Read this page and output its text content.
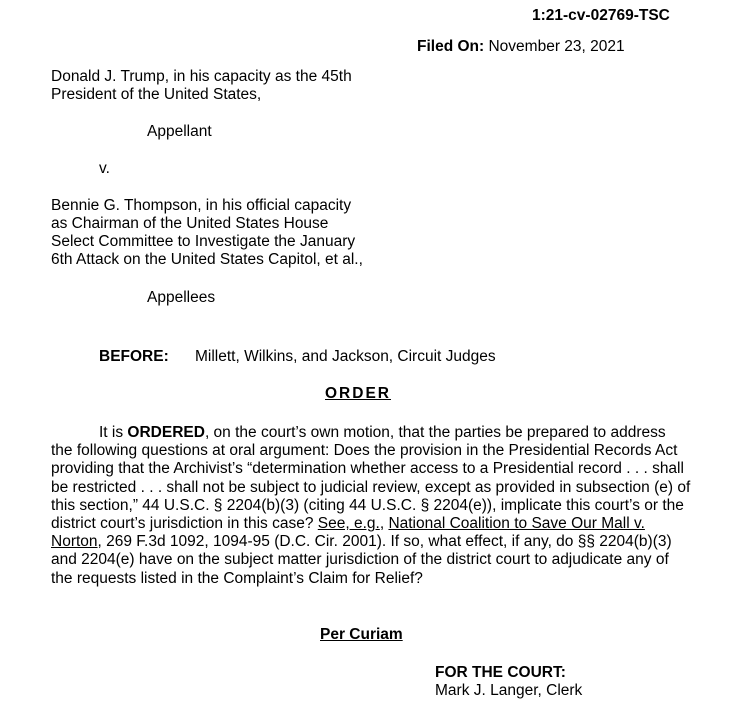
1:21-cv-02769-TSC
Filed On: November 23, 2021
Donald J. Trump, in his capacity as the 45th
President of the United States,
Appellant
v.
Bennie G. Thompson, in his official capacity
as Chairman of the United States House
Select Committee to Investigate the January
6th Attack on the United States Capitol, et al.,
Appellees
BEFORE: Millett, Wilkins, and Jackson, Circuit Judges
ORDER
It is ORDERED, on the court’s own motion, that the parties be prepared to address the following questions at oral argument: Does the provision in the Presidential Records Act providing that the Archivist’s “determination whether access to a Presidential record . . . shall be restricted . . . shall not be subject to judicial review, except as provided in subsection (e) of this section,” 44 U.S.C. § 2204(b)(3) (citing 44 U.S.C. § 2204(e)), implicate this court’s or the district court’s jurisdiction in this case? See, e.g., National Coalition to Save Our Mall v. Norton, 269 F.3d 1092, 1094-95 (D.C. Cir. 2001). If so, what effect, if any, do §§ 2204(b)(3) and 2204(e) have on the subject matter jurisdiction of the district court to adjudicate any of the requests listed in the Complaint’s Claim for Relief?
Per Curiam
FOR THE COURT:
Mark J. Langer, Clerk
